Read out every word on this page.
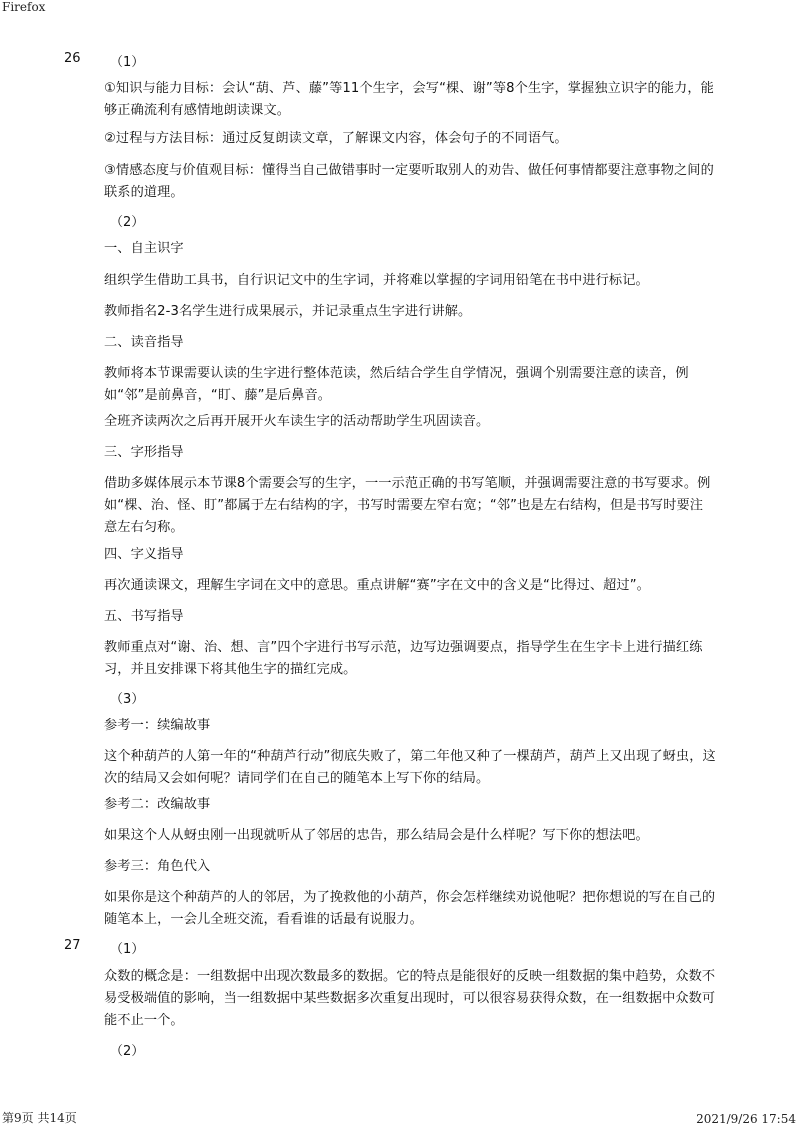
Firefox
26 （1）
①知识与能力目标：会认“葫、芦、藤”等11个生字，会写“棵、谢”等8个生字，掌握独立识字的能力，能够正确流利有感情地朗读课文。
②过程与方法目标：通过反复朗读文章，了解课文内容，体会句子的不同语气。
③情感态度与价值观目标：懂得当自己做错事时一定要听取别人的劝告、做任何事情都要注意事物之间的联系的道理。
（2）
一、自主识字
组织学生借助工具书，自行识记文中的生字词，并将难以掌握的字词用铅笔在书中进行标记。
教师指名2-3名学生进行成果展示，并记录重点生字进行讲解。
二、读音指导
教师将本节课需要认读的生字进行整体范读，然后结合学生自学情况，强调个别需要注意的读音，例如“邻”是前鼻音，“盯、藤”是后鼻音。
全班齐读两次之后再开展开火车读生字的活动帮助学生巩固读音。
三、字形指导
借助多媒体展示本节课8个需要会写的生字，一一示范正确的书写笔顺，并强调需要注意的书写要求。例如“棵、治、怪、盯”都属于左右结构的字，书写时需要左窄右宽；“邻”也是左右结构，但是书写时要注意左右匀称。
四、字义指导
再次通读课文，理解生字词在文中的意思。重点讲解“赛”字在文中的含义是“比得过、超过”。
五、书写指导
教师重点对“谢、治、想、言”四个字进行书写示范，边写边强调要点，指导学生在生字卡上进行描红练习，并且安排课下将其他生字的描红完成。
（3）
参考一：续编故事
这个种葫芦的人第一年的“种葫芦行动”彻底失败了，第二年他又种了一棵葫芦，葫芦上又出现了蚜虫，这次的结局又会如何呢？请同学们在自己的随笔本上写下你的结局。
参考二：改编故事
如果这个人从蚜虫刚一出现就听从了邻居的忠告，那么结局会是什么样呢？写下你的想法吧。
参考三：角色代入
如果你是这个种葫芦的人的邻居，为了挽救他的小葫芦，你会怎样继续劝说他呢？把你想说的写在自己的随笔本上，一会儿全班交流，看看谁的话最有说服力。
27 （1）
众数的概念是：一组数据中出现次数最多的数据。它的特点是能很好的反映一组数据的集中趋势，众数不易受极端值的影响，当一组数据中某些数据多次重复出现时，可以很容易获得众数，在一组数据中众数可能不止一个。
（2）
第9页 共14页	2021/9/26 17:54
